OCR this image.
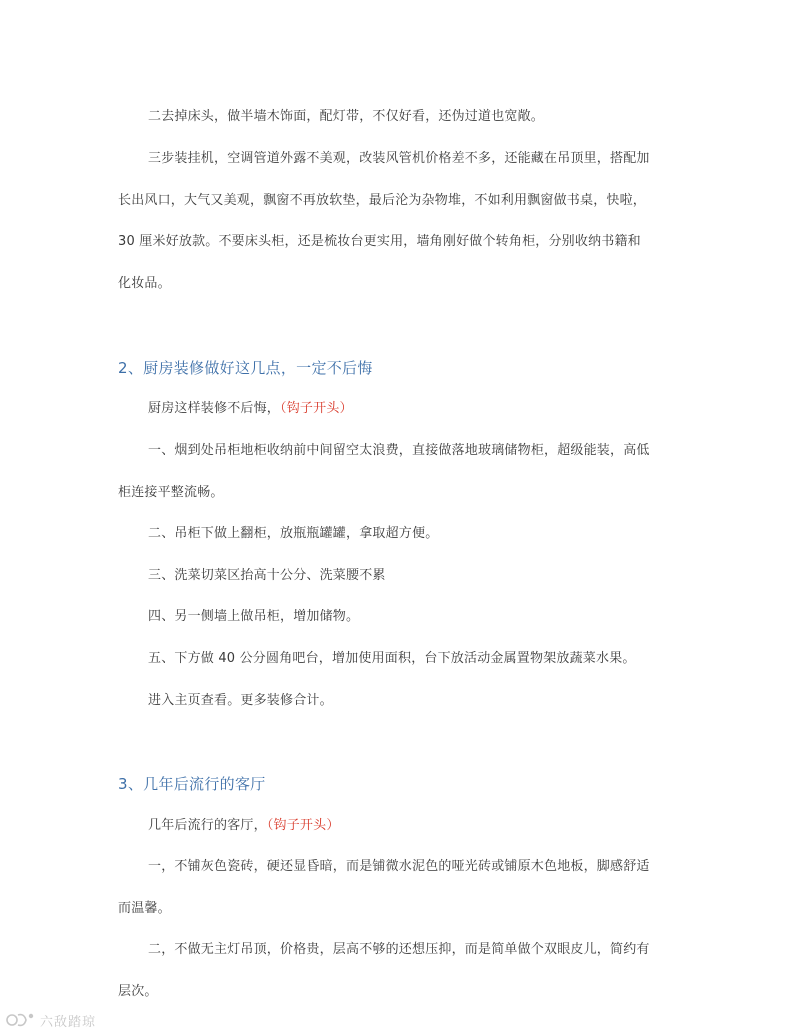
二去掉床头，做半墙木饰面，配灯带，不仅好看，还伪过道也宽敞。

三步装挂机，空调管道外露不美观，改装风管机价格差不多，还能藏在吊顶里，搭配加
长出风口，大气又美观，飘窗不再放软垫，最后沦为杂物堆，不如利用飘窗做书桌，快啦，
30 厘米好放款。不要床头柜，还是梳妆台更实用，墙角刚好做个转角柜，分别收纳书籍和
化妆品。

2、厨房装修做好这几点，一定不后悔

厨房这样装修不后悔，（钩子开头）

一、烟到处吊柜地柜收纳前中间留空太浪费，直接做落地玻璃储物柜，超级能装，高低
柜连接平整流畅。

二、吊柜下做上翻柜，放瓶瓶罐罐，拿取超方便。

三、洗菜切菜区抬高十公分、洗菜腰不累

四、另一侧墙上做吊柜，增加储物。

五、下方做 40 公分圆角吧台，增加使用面积，台下放活动金属置物架放蔬菜水果。

进入主页查看。更多装修合计。

3、几年后流行的客厅

几年后流行的客厅，（钩子开头）

一，不铺灰色瓷砖，硬还显昏暗，而是铺微水泥色的哑光砖或铺原木色地板，脚感舒适
而温馨。

二，不做无主灯吊顶，价格贵，层高不够的还想压抑，而是简单做个双眼皮儿，简约有
层次。

六敌踏琼
